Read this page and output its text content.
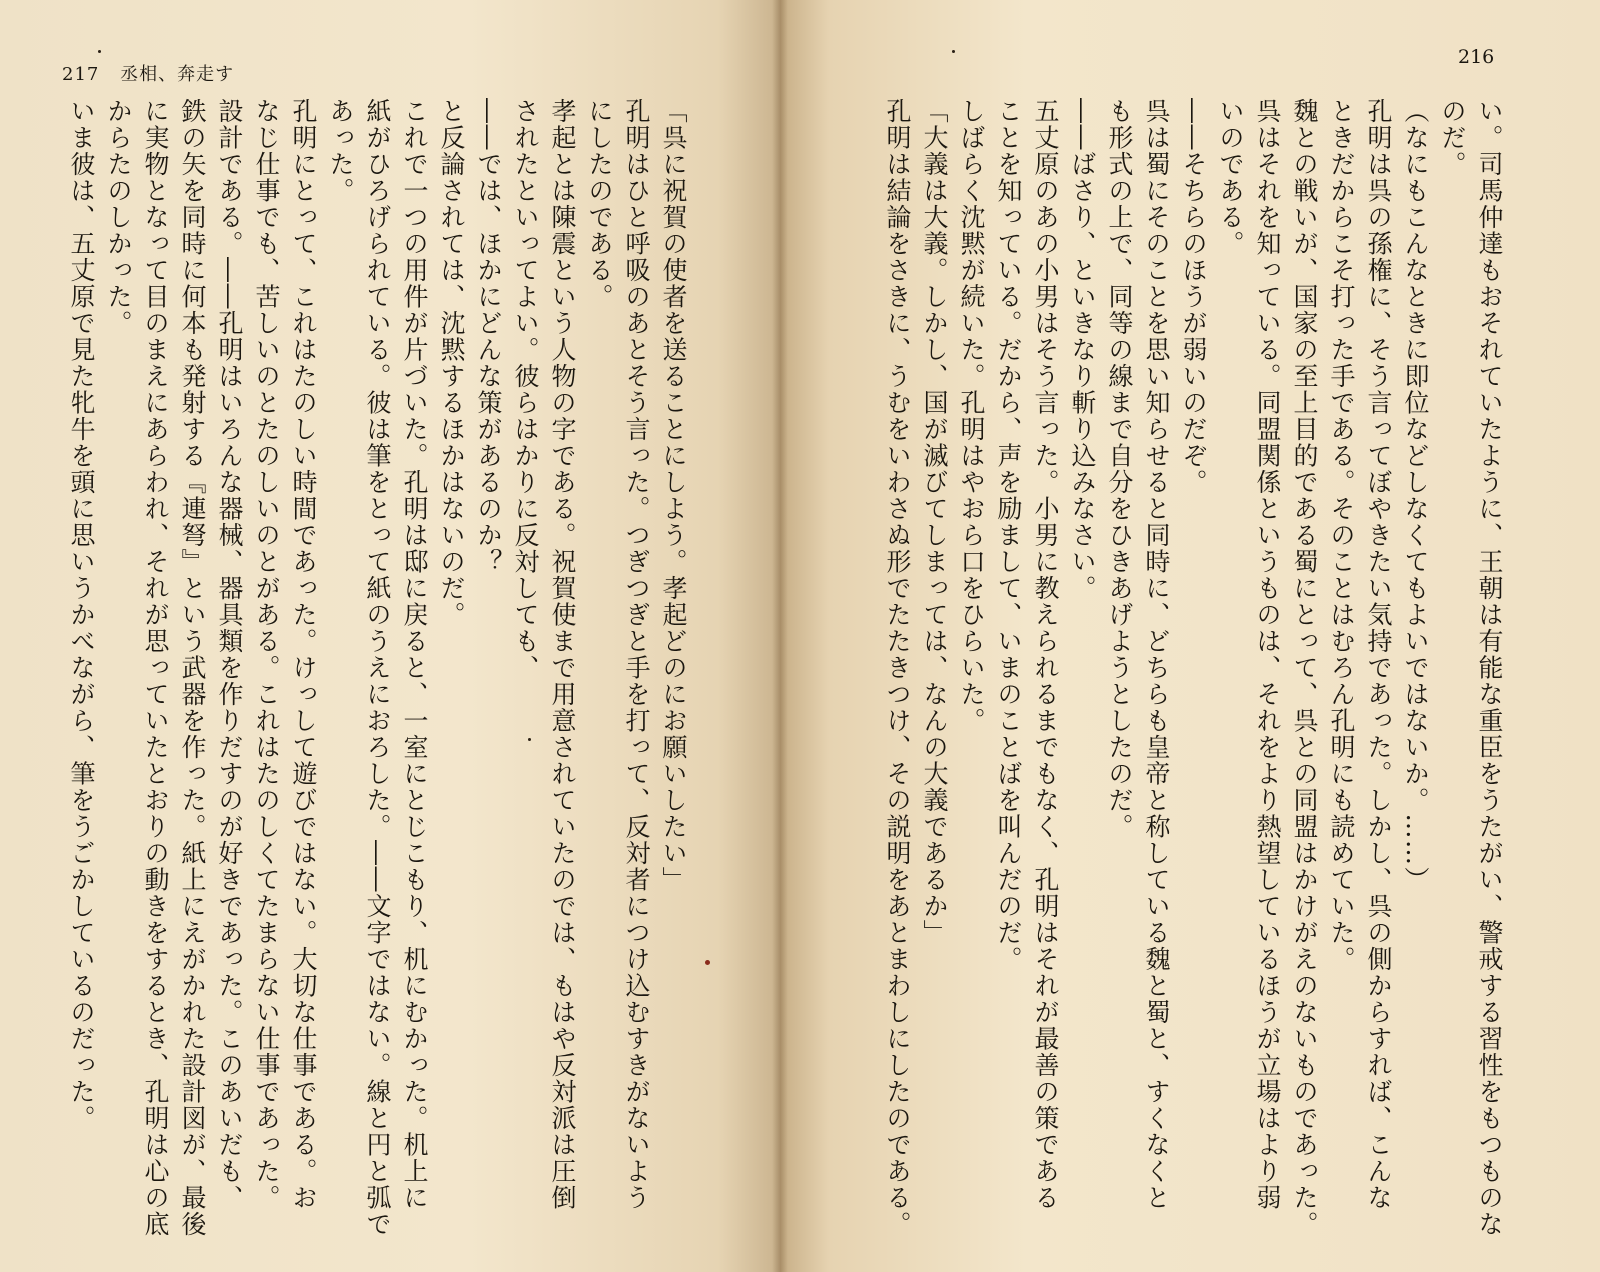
217 丞相、奔走す
「呉に祝賀の使者を送ることにしよう。孝起どのにお願いしたい」
孔明はひと呼吸のあとそう言った。つぎつぎと手を打って、反対者につけ込むすきがないよう
にしたのである。
孝起とは陳震という人物の字である。祝賀使まで用意されていたのでは、もはや反対派は圧倒
されたといってよい。彼らはかりに反対しても、
――では、ほかにどんな策があるのか？
と反論されては、沈黙するほかはないのだ。
これで一つの用件が片づいた。孔明は邸に戻ると、一室にとじこもり、机にむかった。机上に
紙がひろげられている。彼は筆をとって紙のうえにおろした。――文字ではない。線と円と弧で
あった。
孔明にとって、これはたのしい時間であった。けっして遊びではない。大切な仕事である。お
なじ仕事でも、苦しいのとたのしいのとがある。これはたのしくてたまらない仕事であった。
設計である。――孔明はいろんな器械、器具類を作りだすのが好きであった。このあいだも、
鉄の矢を同時に何本も発射する『連弩』という武器を作った。紙上にえがかれた設計図が、最後
に実物となって目のまえにあらわれ、それが思っていたとおりの動きをするとき、孔明は心の底
からたのしかった。
いま彼は、五丈原で見た牝牛を頭に思いうかべながら、筆をうごかしているのだった。
216
い。司馬仲達もおそれていたように、王朝は有能な重臣をうたがい、警戒する習性をもつものな
のだ。
（なにもこんなときに即位などしなくてもよいではないか。……）
孔明は呉の孫権に、そう言ってぼやきたい気持であった。しかし、呉の側からすれば、こんな
ときだからこそ打った手である。そのことはむろん孔明にも読めていた。
魏との戦いが、国家の至上目的である蜀にとって、呉との同盟はかけがえのないものであった。
呉はそれを知っている。同盟関係というものは、それをより熱望しているほうが立場はより弱
いのである。
――そちらのほうが弱いのだぞ。
呉は蜀にそのことを思い知らせると同時に、どちらも皇帝と称している魏と蜀と、すくなくと
も形式の上で、同等の線まで自分をひきあげようとしたのだ。
――ばさり、といきなり斬り込みなさい。
五丈原のあの小男はそう言った。小男に教えられるまでもなく、孔明はそれが最善の策である
ことを知っている。だから、声を励まして、いまのことばを叫んだのだ。
しばらく沈黙が続いた。孔明はやおら口をひらいた。
「大義は大義。しかし、国が滅びてしまっては、なんの大義であるか」
孔明は結論をさきに、うむをいわさぬ形でたたきつけ、その説明をあとまわしにしたのである。
